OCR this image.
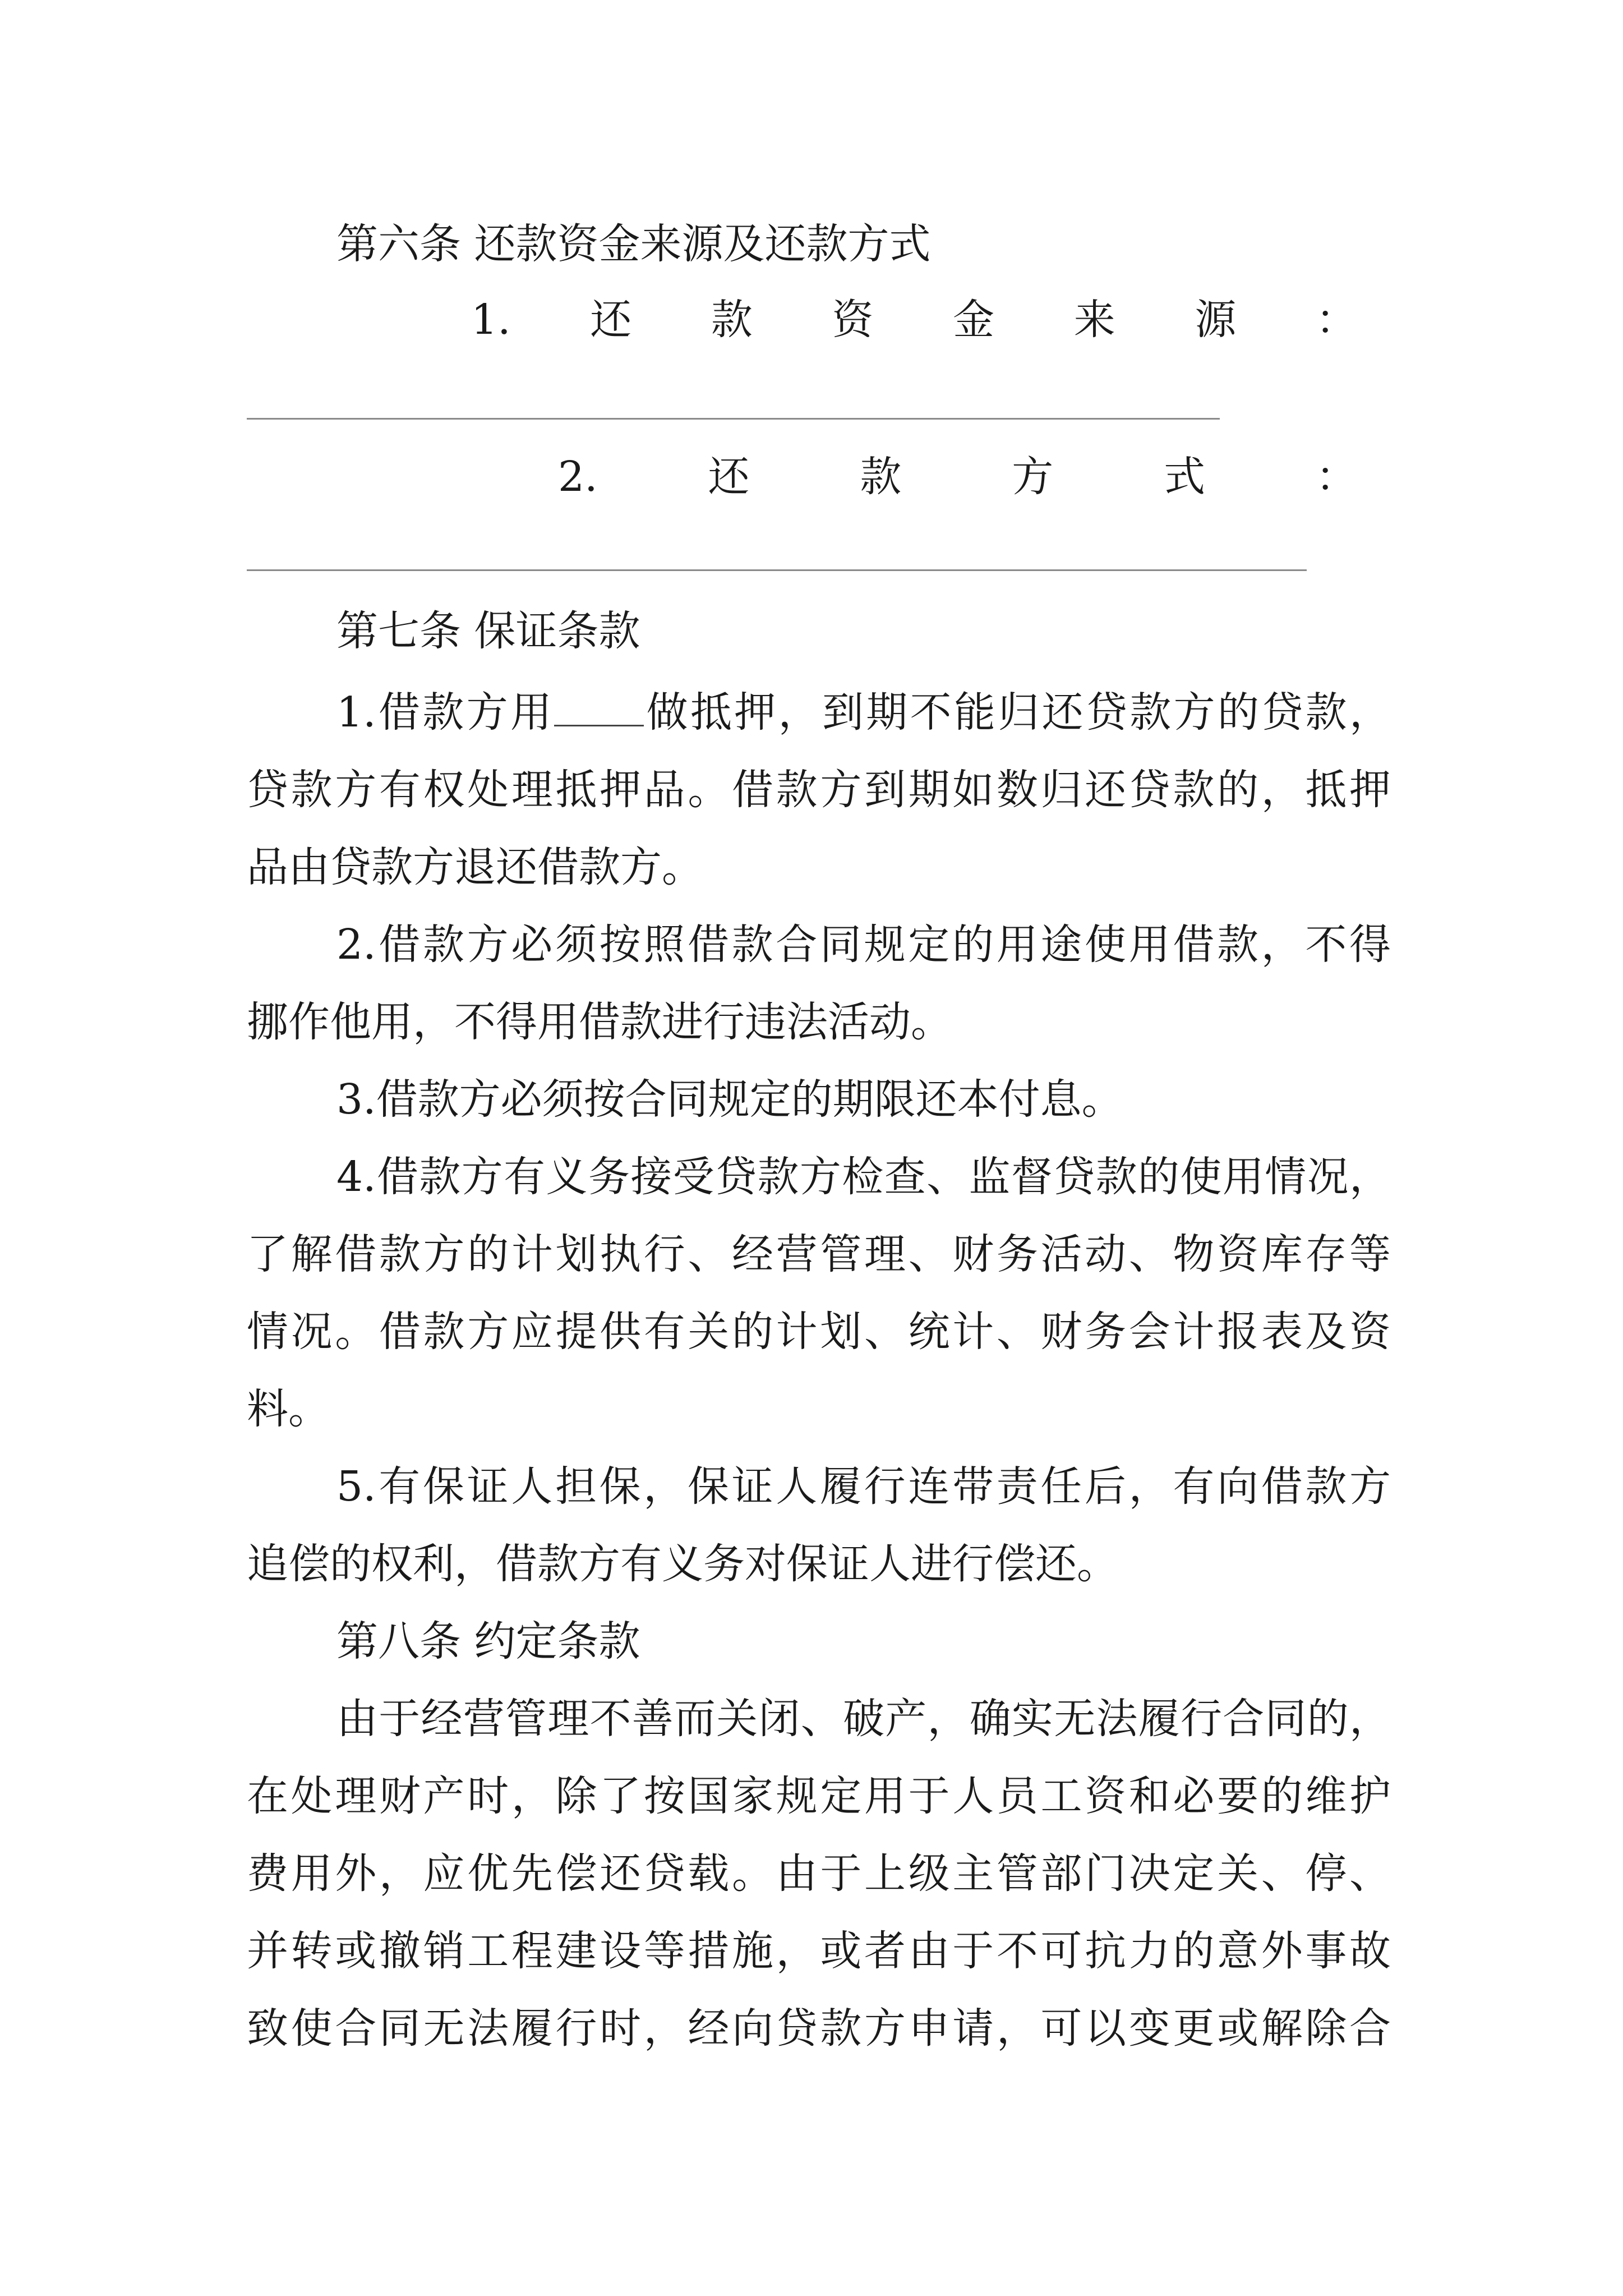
第六条 还款资金来源及还款方式
1. 还 款 资 金 来 源 ：
2.	还	款	方	式	：
第七条 保证条款
1.借款方用 做抵押，到期不能归还贷款方的贷款，
贷款方有权处理抵押品。借款方到期如数归还贷款的，抵押
品由贷款方退还借款方。
2.借款方必须按照借款合同规定的用途使用借款，不得
挪作他用，不得用借款进行违法活动。
3.借款方必须按合同规定的期限还本付息。
4.借款方有义务接受贷款方检查、监督贷款的使用情况，
了解借款方的计划执行、经营管理、财务活动、物资库存等
情况。借款方应提供有关的计划、统计、财务会计报表及资
料。
5.有保证人担保，保证人履行连带责任后，有向借款方
追偿的权利，借款方有义务对保证人进行偿还。
第八条 约定条款
由于经营管理不善而关闭、破产，确实无法履行合同的，
在处理财产时，除了按国家规定用于人员工资和必要的维护
费用外，应优先偿还贷载。由于上级主管部门决定关、停、
并转或撤销工程建设等措施，或者由于不可抗力的意外事故
致使合同无法履行时，经向贷款方申请，可以变更或解除合
